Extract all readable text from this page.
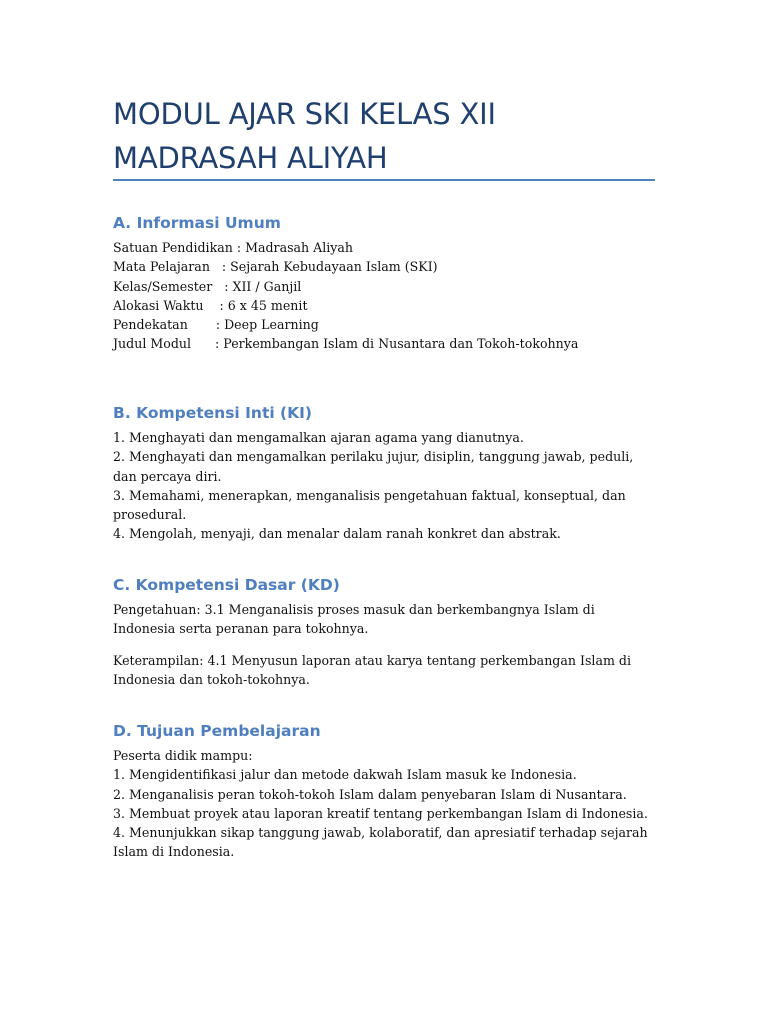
MODUL AJAR SKI KELAS XII MADRASAH ALIYAH
A. Informasi Umum

Satuan Pendidikan : Madrasah Aliyah

Mata Pelajaran   : Sejarah Kebudayaan Islam (SKI)

Kelas/Semester   : XII / Ganjil

Alokasi Waktu    : 6 x 45 menit

Pendekatan       : Deep Learning

Judul Modul      : Perkembangan Islam di Nusantara dan Tokoh-tokohnya

B. Kompetensi Inti (KI)

1. Menghayati dan mengamalkan ajaran agama yang dianutnya.

2. Menghayati dan mengamalkan perilaku jujur, disiplin, tanggung jawab, peduli, dan percaya diri.

3. Memahami, menerapkan, menganalisis pengetahuan faktual, konseptual, dan prosedural.

4. Mengolah, menyaji, dan menalar dalam ranah konkret dan abstrak.

C. Kompetensi Dasar (KD)

Pengetahuan: 3.1 Menganalisis proses masuk dan berkembangnya Islam di Indonesia serta peranan para tokohnya.

Keterampilan: 4.1 Menyusun laporan atau karya tentang perkembangan Islam di Indonesia dan tokoh-tokohnya.

D. Tujuan Pembelajaran

Peserta didik mampu:

1. Mengidentifikasi jalur dan metode dakwah Islam masuk ke Indonesia.

2. Menganalisis peran tokoh-tokoh Islam dalam penyebaran Islam di Nusantara.

3. Membuat proyek atau laporan kreatif tentang perkembangan Islam di Indonesia.

4. Menunjukkan sikap tanggung jawab, kolaboratif, dan apresiatif terhadap sejarah Islam di Indonesia.
